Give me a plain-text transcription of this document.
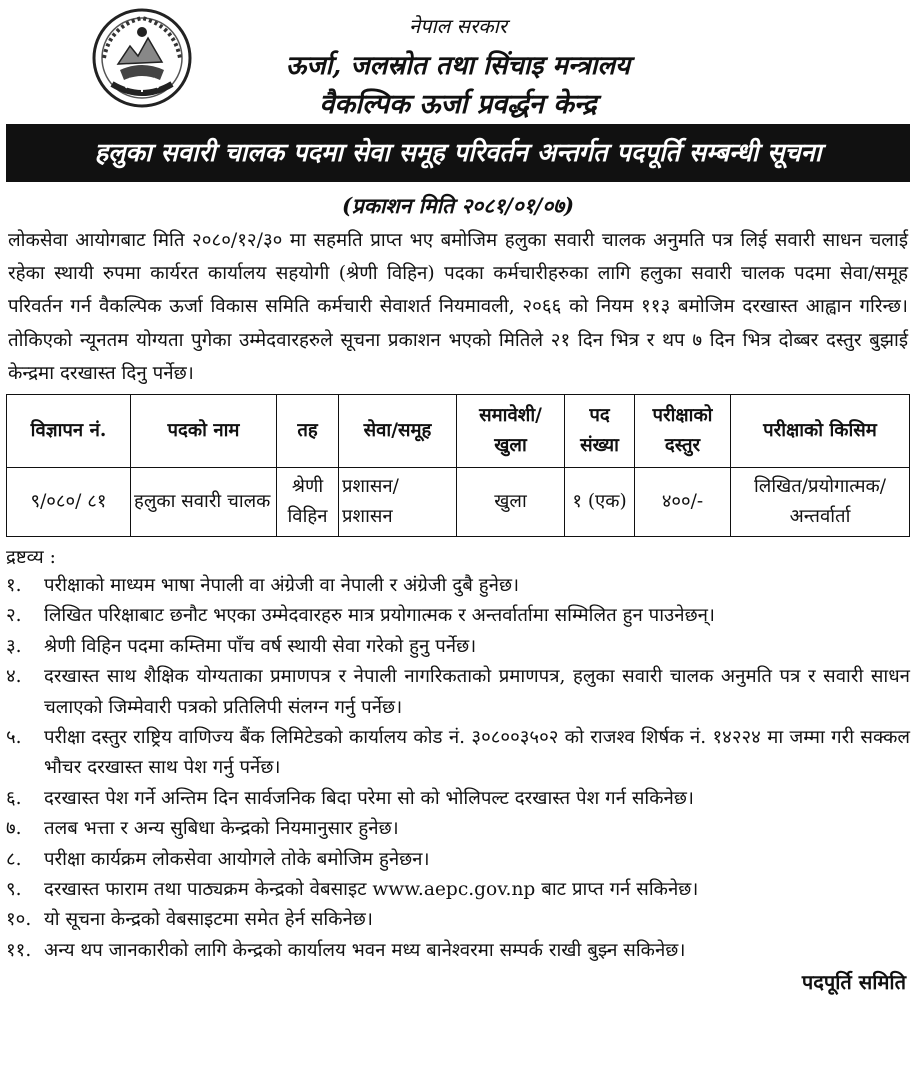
नेपाल सरकार
ऊर्जा, जलस्रोत तथा सिंचाइ मन्त्रालय
वैकल्पिक ऊर्जा प्रवर्द्धन केन्द्र
हलुका सवारी चालक पदमा सेवा समूह परिवर्तन अन्तर्गत पदपूर्ति सम्बन्धी सूचना
(प्रकाशन मिति २०८१/०१/०७)
लोकसेवा आयोगबाट मिति २०८०/१२/३० मा सहमति प्राप्त भए बमोजिम हलुका सवारी चालक अनुमति पत्र लिई सवारी साधन चलाई रहेका स्थायी रुपमा कार्यरत कार्यालय सहयोगी (श्रेणी विहिन) पदका कर्मचारीहरुका लागि हलुका सवारी चालक पदमा सेवा/समूह परिवर्तन गर्न वैकल्पिक ऊर्जा विकास समिति कर्मचारी सेवाशर्त नियमावली, २०६६ को नियम ११३ बमोजिम दरखास्त आह्वान गरिन्छ। तोकिएको न्यूनतम योग्यता पुगेका उम्मेदवारहरुले सूचना प्रकाशन भएको मितिले २१ दिन भित्र र थप ७ दिन भित्र दोब्बर दस्तुर बुझाई केन्द्रमा दरखास्त दिनु पर्नेछ।
विज्ञापन नं.	पदको नाम	तह	सेवा/समूह	समावेशी/ खुला	पद संख्या	परीक्षाको दस्तुर	परीक्षाको किसिम
९/०८०/ ८१	हलुका सवारी चालक	श्रेणी विहिन	प्रशासन/ प्रशासन	खुला	१ (एक)	४००/-	लिखित/प्रयोगात्मक/ अन्तर्वार्ता
द्रष्टव्य :
१.	परीक्षाको माध्यम भाषा नेपाली वा अंग्रेजी वा नेपाली र अंग्रेजी दुबै हुनेछ।
२.	लिखित परिक्षाबाट छनौट भएका उम्मेदवारहरु मात्र प्रयोगात्मक र अन्तर्वार्तामा सम्मिलित हुन पाउनेछन्।
३.	श्रेणी विहिन पदमा कम्तिमा पाँच वर्ष स्थायी सेवा गरेको हुनु पर्नेछ।
४.	दरखास्त साथ शैक्षिक योग्यताका प्रमाणपत्र र नेपाली नागरिकताको प्रमाणपत्र, हलुका सवारी चालक अनुमति पत्र र सवारी साधन चलाएको जिम्मेवारी पत्रको प्रतिलिपी संलग्न गर्नु पर्नेछ।
५.	परीक्षा दस्तुर राष्ट्रिय वाणिज्य बैंक लिमिटेडको कार्यालय कोड नं. ३०८००३५०२ को राजश्व शिर्षक नं. १४२२४ मा जम्मा गरी सक्कल भौचर दरखास्त साथ पेश गर्नु पर्नेछ।
६.	दरखास्त पेश गर्ने अन्तिम दिन सार्वजनिक बिदा परेमा सो को भोलिपल्ट दरखास्त पेश गर्न सकिनेछ।
७.	तलब भत्ता र अन्य सुबिधा केन्द्रको नियमानुसार हुनेछ।
८.	परीक्षा कार्यक्रम लोकसेवा आयोगले तोके बमोजिम हुनेछन।
९.	दरखास्त फाराम तथा पाठ्यक्रम केन्द्रको वेबसाइट www.aepc.gov.np बाट प्राप्त गर्न सकिनेछ।
१०. यो सूचना केन्द्रको वेबसाइटमा समेत हेर्न सकिनेछ।
११. अन्य थप जानकारीको लागि केन्द्रको कार्यालय भवन मध्य बानेश्वरमा सम्पर्क राखी बुझ्न सकिनेछ।
पदपूर्ति समिति
